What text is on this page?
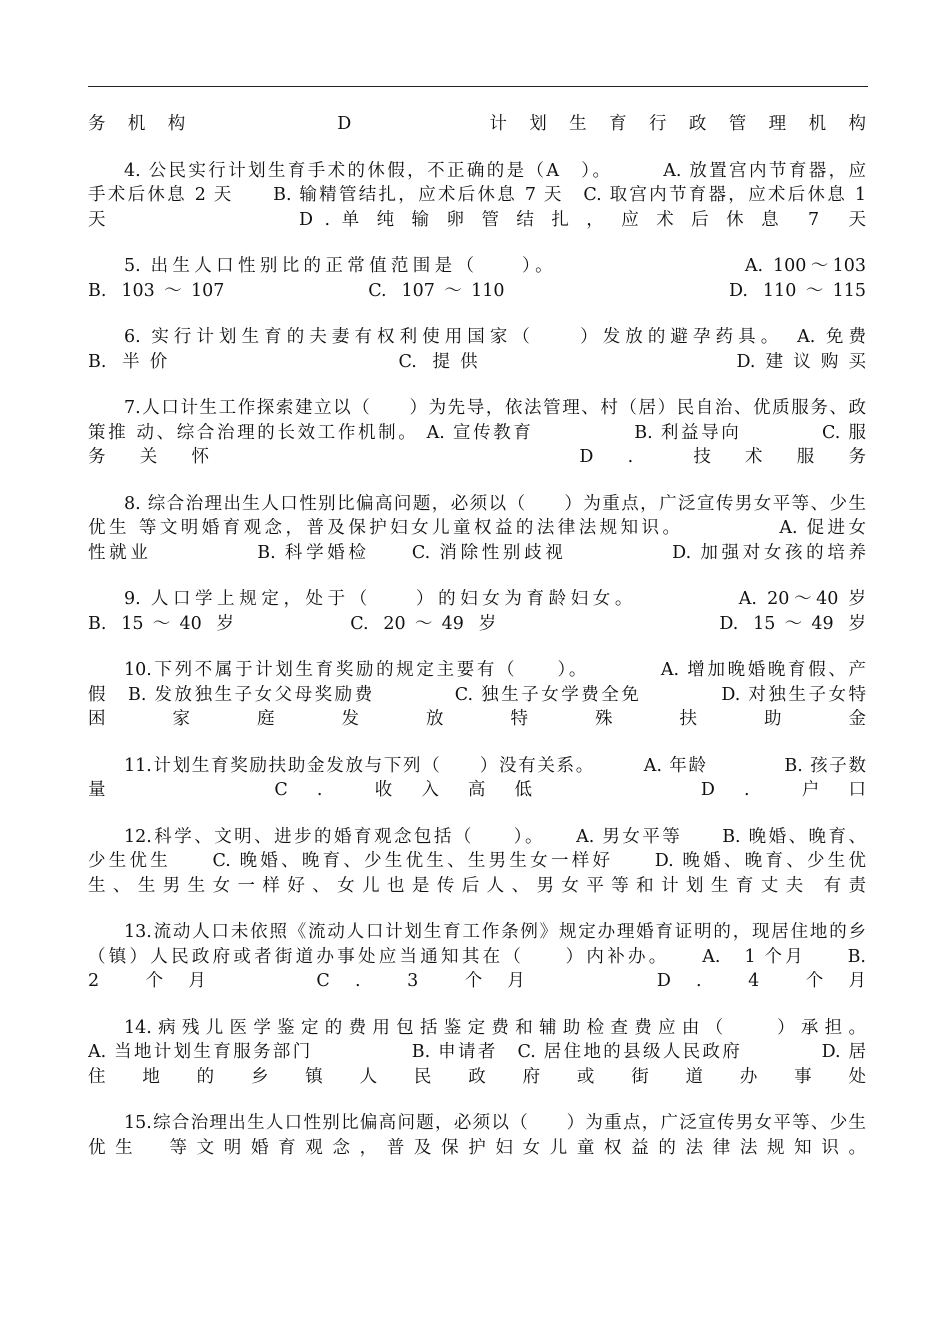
务 机 构 　　　　　D　　　　　计 划 生 育 行 政 管 理 机 构

4. 公民实行计划生育手术的休假，不正确的是（A　）。　　　A. 放置宫内节育器，应
手术后休息 2 天　　B. 输精管结扎，应术后休息 7 天　C. 取宫内节育器，应术后休息 1
天　　　　　　　　D . 单 纯 输 卵 管 结 扎 ， 应 术 后 休 息　7　天

5. 出生人口性别比的正常值范围是（　　）。　　　　　　　　　A. 100～103
B. 103～107　　　　　C. 107～110　　　　　　　　D. 110～115

6. 实行计划生育的夫妻有权利使用国家（　　）发放的避孕药具。　A. 免费
B. 半价　　　　　　　　C. 提供　　　　　　　　　D.建议购买

7.人口计生工作探索建立以（　　）为先导，依法管理、村（居）民自治、优质服务、政
策推 动、综合治理的长效工作机制。 A. 宣传教育　　　　　B. 利益导向　　　　C. 服
务　关　怀　　　　　　　　　　　　　　D　.　　技　术　服　务

8. 综合治理出生人口性别比偏高问题，必须以（　　）为重点，广泛宣传男女平等、少生
优生 等文明婚育观念，普及保护妇女儿童权益的法律法规知识。　　　　　A. 促进女
性就业　　　　　B. 科学婚检　　C. 消除性别歧视　　　　　D. 加强对女孩的培养

9. 人口学上规定，处于（　　）的妇女为育龄妇女。　　　　　A. 20～40 岁
B. 15～40 岁　　　　C. 20～49 岁　　　　　　　　D. 15～49 岁

10.下列不属于计划生育奖励的规定主要有（　　）。　　　　A. 增加晚婚晚育假、产
假　B. 发放独生子女父母奖励费　　　　C. 独生子女学费全免　　　　D. 对独生子女特
困　　家　　庭　　发　　放　　特　　殊　　扶　　助　　金

11.计划生育奖励扶助金发放与下列（　　）没有关系。　　　A. 年龄　　　　B. 孩子数
量　　　　　　　C　.　　收　入　高　低　　　　　　　D　.　　户　口

12.科学、文明、进步的婚育观念包括（　　）。　　A. 男女平等　　B. 晚婚、晚育、
少生优生　　C. 晚婚、晚育、少生优生、生男生女一样好　　D. 晚婚、晚育、少生优
生、生男生女一样好、女儿也是传后人、男女平等和计划生育丈夫 有责

13.流动人口未依照《流动人口计划生育工作条例》规定办理婚育证明的，现居住地的乡
（镇）人民政府或者街道办事处应当通知其在（　　）内补办。　　A.　1 个月　　B.
2　　个　月　　　　　C　.　　3　　个　月　　　　　　D　.　　4　　个　月

14.病残儿医学鉴定的费用包括鉴定费和辅助检查费应由（　　）承担。
A. 当地计划生育服务部门　　　　　B. 申请者　C. 居住地的县级人民政府　　　　D. 居
住　　地　　的　　乡　　镇　　人　　民　　政　　府　　或　　街　　道　　办　　事　　处

15.综合治理出生人口性别比偏高问题，必须以（　　）为重点，广泛宣传男女平等、少生
优生　等文明婚育观念，普及保护妇女儿童权益的法律法规知识。
